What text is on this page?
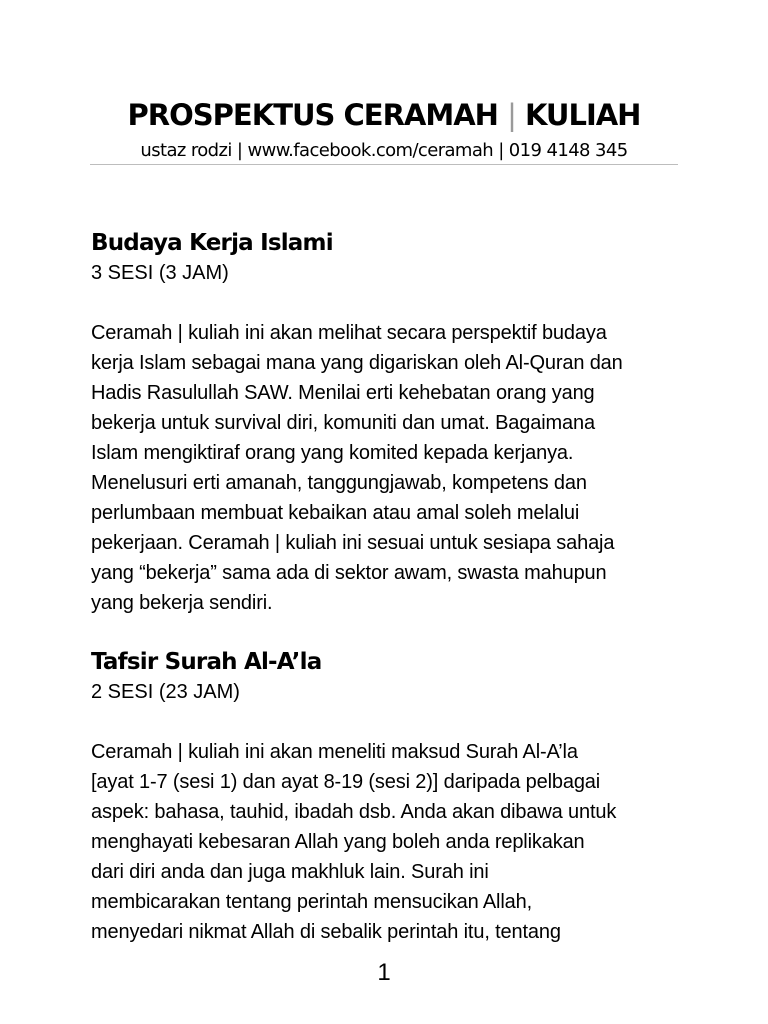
PROSPEKTUS CERAMAH | KULIAH
ustaz rodzi | www.facebook.com/ceramah | 019 4148 345
Budaya Kerja Islami

3 SESI (3 JAM)

Ceramah | kuliah ini akan melihat secara perspektif budaya
kerja Islam sebagai mana yang digariskan oleh Al-Quran dan
Hadis Rasulullah SAW. Menilai erti kehebatan orang yang
bekerja untuk survival diri, komuniti dan umat. Bagaimana
Islam mengiktiraf orang yang komited kepada kerjanya.
Menelusuri erti amanah, tanggungjawab, kompetens dan
perlumbaan membuat kebaikan atau amal soleh melalui
pekerjaan. Ceramah | kuliah ini sesuai untuk sesiapa sahaja
yang “bekerja” sama ada di sektor awam, swasta mahupun
yang bekerja sendiri.

Tafsir Surah Al-A’la

2 SESI (23 JAM)

Ceramah | kuliah ini akan meneliti maksud Surah Al-A’la
[ayat 1-7 (sesi 1) dan ayat 8-19 (sesi 2)] daripada pelbagai
aspek: bahasa, tauhid, ibadah dsb. Anda akan dibawa untuk
menghayati kebesaran Allah yang boleh anda replikakan
dari diri anda dan juga makhluk lain. Surah ini
membicarakan tentang perintah mensucikan Allah,
menyedari nikmat Allah di sebalik perintah itu, tentang

1
